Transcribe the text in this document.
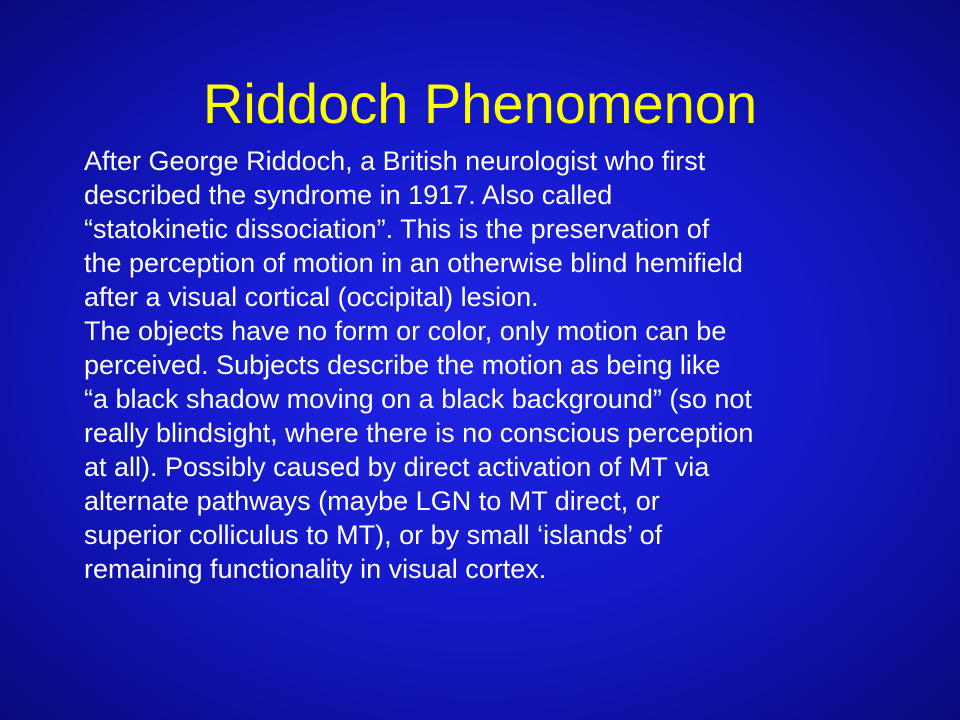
Riddoch Phenomenon

After George Riddoch, a British neurologist who first
described the syndrome in 1917. Also called
“statokinetic dissociation”. This is the preservation of
the perception of motion in an otherwise blind hemifield
after a visual cortical (occipital) lesion.

The objects have no form or color, only motion can be
perceived. Subjects describe the motion as being like
“a black shadow moving on a black background” (so not
really blindsight, where there is no conscious perception
at all). Possibly caused by direct activation of MT via
alternate pathways (maybe LGN to MT direct, or
superior colliculus to MT), or by small ‘islands’ of
remaining functionality in visual cortex.
